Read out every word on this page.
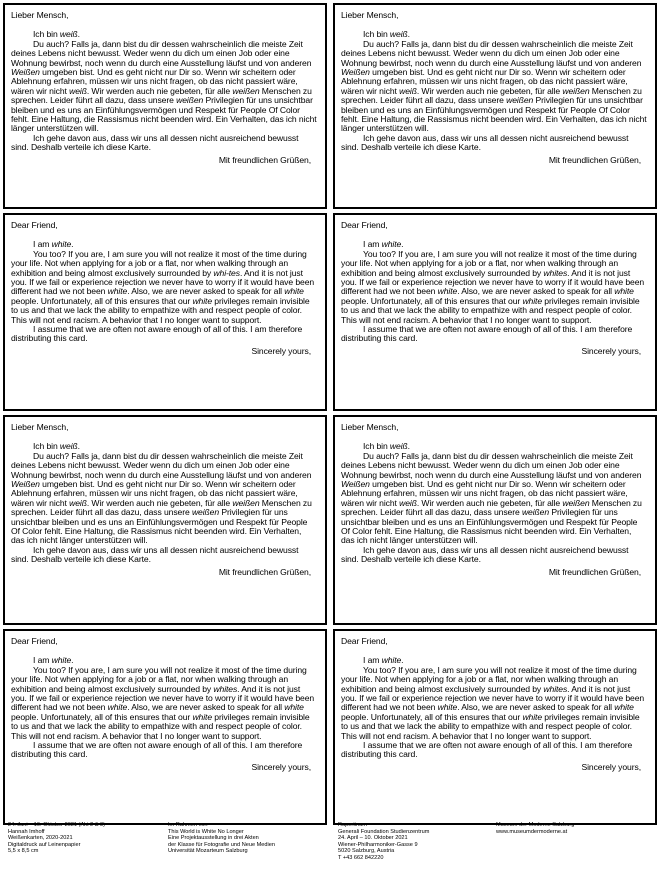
Lieber Mensch,

Ich bin weiß.

Du auch? Falls ja, dann bist du dir dessen wahrscheinlich die meiste Zeit deines Lebens nicht bewusst. Weder wenn du dich um einen Job oder eine Wohnung bewirbst, noch wenn du durch eine Ausstellung läufst und von anderen Weißen umgeben bist. Und es geht nicht nur Dir so. Wenn wir scheitern oder Ablehnung erfahren, müssen wir uns nicht fragen, ob das nicht passiert wäre, wären wir nicht weiß. Wir werden auch nie gebeten, für alle weißen Menschen zu sprechen. Leider führt all dazu, dass unsere weißen Privilegien für uns unsichtbar bleiben und es uns an Einfühlungsvermögen und Respekt für People Of Color fehlt. Eine Haltung, die Rassismus nicht beenden wird. Ein Verhalten, das ich nicht länger unterstützen will.

Ich gehe davon aus, dass wir uns all dessen nicht ausreichend bewusst sind. Deshalb verteile ich diese Karte.

Mit freundlichen Grüßen,

Lieber Mensch,

Ich bin weiß.

Du auch? Falls ja, dann bist du dir dessen wahrscheinlich die meiste Zeit deines Lebens nicht bewusst. Weder wenn du dich um einen Job oder eine Wohnung bewirbst, noch wenn du durch eine Ausstellung läufst und von anderen Weißen umgeben bist. Und es geht nicht nur Dir so. Wenn wir scheitern oder Ablehnung erfahren, müssen wir uns nicht fragen, ob das nicht passiert wäre, wären wir nicht weiß. Wir werden auch nie gebeten, für alle weißen Menschen zu sprechen. Leider führt all dazu, dass unsere weißen Privilegien für uns unsichtbar bleiben und es uns an Einfühlungsvermögen und Respekt für People Of Color fehlt. Eine Haltung, die Rassismus nicht beenden wird. Ein Verhalten, das ich nicht länger unterstützen will.

Ich gehe davon aus, dass wir uns all dessen nicht ausreichend bewusst sind. Deshalb verteile ich diese Karte.

Mit freundlichen Grüßen,

Dear Friend,

I am white.

You too? If you are, I am sure you will not realize it most of the time during your life. Not when applying for a job or a flat, nor when walking through an exhibition and being almost exclusively surrounded by whi-tes. And it is not just you. If we fail or experience rejection we never have to worry if it would have been different had we not been white. Also, we are never asked to speak for all white people. Unfortunately, all of this ensures that our white privileges remain invisible to us and that we lack the ability to empathize with and respect people of color. This will not end racism. A behavior that I no longer want to support.

I assume that we are often not aware enough of all of this. I am therefore distributing this card.

Sincerely yours,

Dear Friend,

I am white.

You too? If you are, I am sure you will not realize it most of the time during your life. Not when applying for a job or a flat, nor when walking through an exhibition and being almost exclusively surrounded by whites. And it is not just you. If we fail or experience rejection we never have to worry if it would have been different had we not been white. Also, we are never asked to speak for all white people. Unfortunately, all of this ensures that our white privileges remain invisible to us and that we lack the ability to empathize with and respect people of color. This will not end racism. A behavior that I no longer want to support.

I assume that we are often not aware enough of all of this. I am therefore distributing this card.

Sincerely yours,

Lieber Mensch,

Ich bin weiß.

Du auch? Falls ja, dann bist du dir dessen wahrscheinlich die meiste Zeit deines Lebens nicht bewusst. Weder wenn du dich um einen Job oder eine Wohnung bewirbst, noch wenn du durch eine Ausstellung läufst und von anderen Weißen umgeben bist. Und es geht nicht nur Dir so. Wenn wir scheitern oder Ablehnung erfahren, müssen wir uns nicht fragen, ob das nicht passiert wäre, wären wir nicht weiß. Wir werden auch nie gebeten, für alle weißen Menschen zu sprechen. Leider führt all das dazu, dass unsere weißen Privilegien für uns unsichtbar bleiben und es uns an Einfühlungsvermögen und Respekt für People Of Color fehlt. Eine Haltung, die Rassismus nicht beenden wird. Ein Verhalten, das ich nicht länger unterstützen will.

Ich gehe davon aus, dass wir uns all dessen nicht ausreichend bewusst sind. Deshalb verteile ich diese Karte.

Mit freundlichen Grüßen,

Lieber Mensch,

Ich bin weiß.

Du auch? Falls ja, dann bist du dir dessen wahrscheinlich die meiste Zeit deines Lebens nicht bewusst. Weder wenn du dich um einen Job oder eine Wohnung bewirbst, noch wenn du durch eine Ausstellung läufst und von anderen Weißen umgeben bist. Und es geht nicht nur Dir so. Wenn wir scheitern oder Ablehnung erfahren, müssen wir uns nicht fragen, ob das nicht passiert wäre, wären wir nicht weiß. Wir werden auch nie gebeten, für alle weißen Menschen zu sprechen. Leider führt all das dazu, dass unsere weißen Privilegien für uns unsichtbar bleiben und es uns an Einfühlungsvermögen und Respekt für People Of Color fehlt. Eine Haltung, die Rassismus nicht beenden wird. Ein Verhalten, das ich nicht länger unterstützen will.

Ich gehe davon aus, dass wir uns all dessen nicht ausreichend bewusst sind. Deshalb verteile ich diese Karte.

Mit freundlichen Grüßen,

Dear Friend,

I am white.

You too? If you are, I am sure you will not realize it most of the time during your life. Not when applying for a job or a flat, nor when walking through an exhibition and being almost exclusively surrounded by whites. And it is not just you. If we fail or experience rejection we never have to worry if it would have been different had we not been white. Also, we are never asked to speak for all white people. Unfortunately, all of this ensures that our white privileges remain invisible to us and that we lack the ability to empathize with and respect people of color. This will not end racism. A behavior that I no longer want to support.

I assume that we are often not aware enough of all of this. I am therefore distributing this card.

Sincerely yours,

Dear Friend,

I am white.

You too? If you are, I am sure you will not realize it most of the time during your life. Not when applying for a job or a flat, nor when walking through an exhibition and being almost exclusively surrounded by whites. And it is not just you. If we fail or experience rejection we never have to worry if it would have been different had we not been white. Also, we are never asked to speak for all white people. Unfortunately, all of this ensures that our white privileges remain invisible to us and that we lack the ability to empathize with and respect people of color. This will not end racism. A behavior that I no longer want to support.

I assume that we are often not aware enough of all of this. I am therefore distributing this card.

Sincerely yours,

24. Juni – 10. Oktober 2021 (Akt 2 & 3)
Hannah Imhoff
Weißenkarten, 2020-2021
Digitaldruck auf Leinenpapier
5,5 x 8,5 cm
Im Rahmen von
This World is White No Longer
Eine Projektausstellung in drei Akten
der Klasse für Fotografie und Neue Medien
Universität Mozarteum Salzburg
Rupertinum
Generali Foundation Studienzentrum
24. April – 10. Oktober 2021
Wiener-Philharmoniker-Gasse 9
5020 Salzburg, Austria
T +43 662 842220
Museum der Moderne Salzburg
www.museumdermoderne.at
